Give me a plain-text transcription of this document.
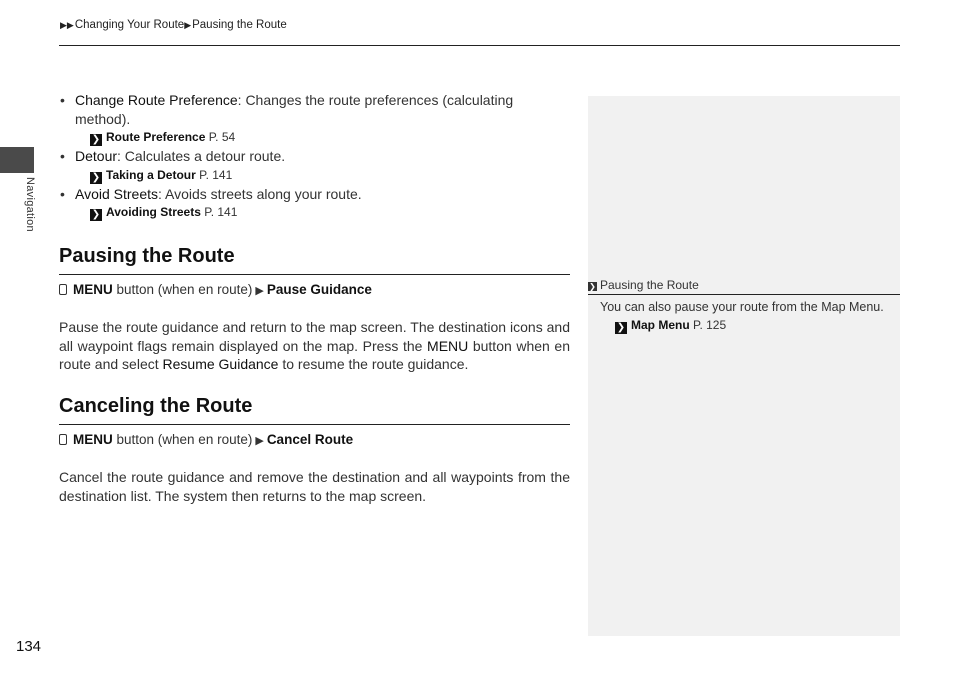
▶▶Changing Your Route▶Pausing the Route
Navigation
• Change Route Preference: Changes the route preferences (calculating method).
❯ Route Preference P. 54
• Detour: Calculates a detour route.
❯ Taking a Detour P. 141
• Avoid Streets: Avoids streets along your route.
❯ Avoiding Streets P. 141
Pausing the Route
MENU button (when en route) ▶ Pause Guidance
Pause the route guidance and return to the map screen. The destination icons and all waypoint flags remain displayed on the map. Press the MENU button when en route and select Resume Guidance to resume the route guidance.
Canceling the Route
MENU button (when en route) ▶ Cancel Route
Cancel the route guidance and remove the destination and all waypoints from the destination list. The system then returns to the map screen.
❯ Pausing the Route
You can also pause your route from the Map Menu.
❯ Map Menu P. 125
134
